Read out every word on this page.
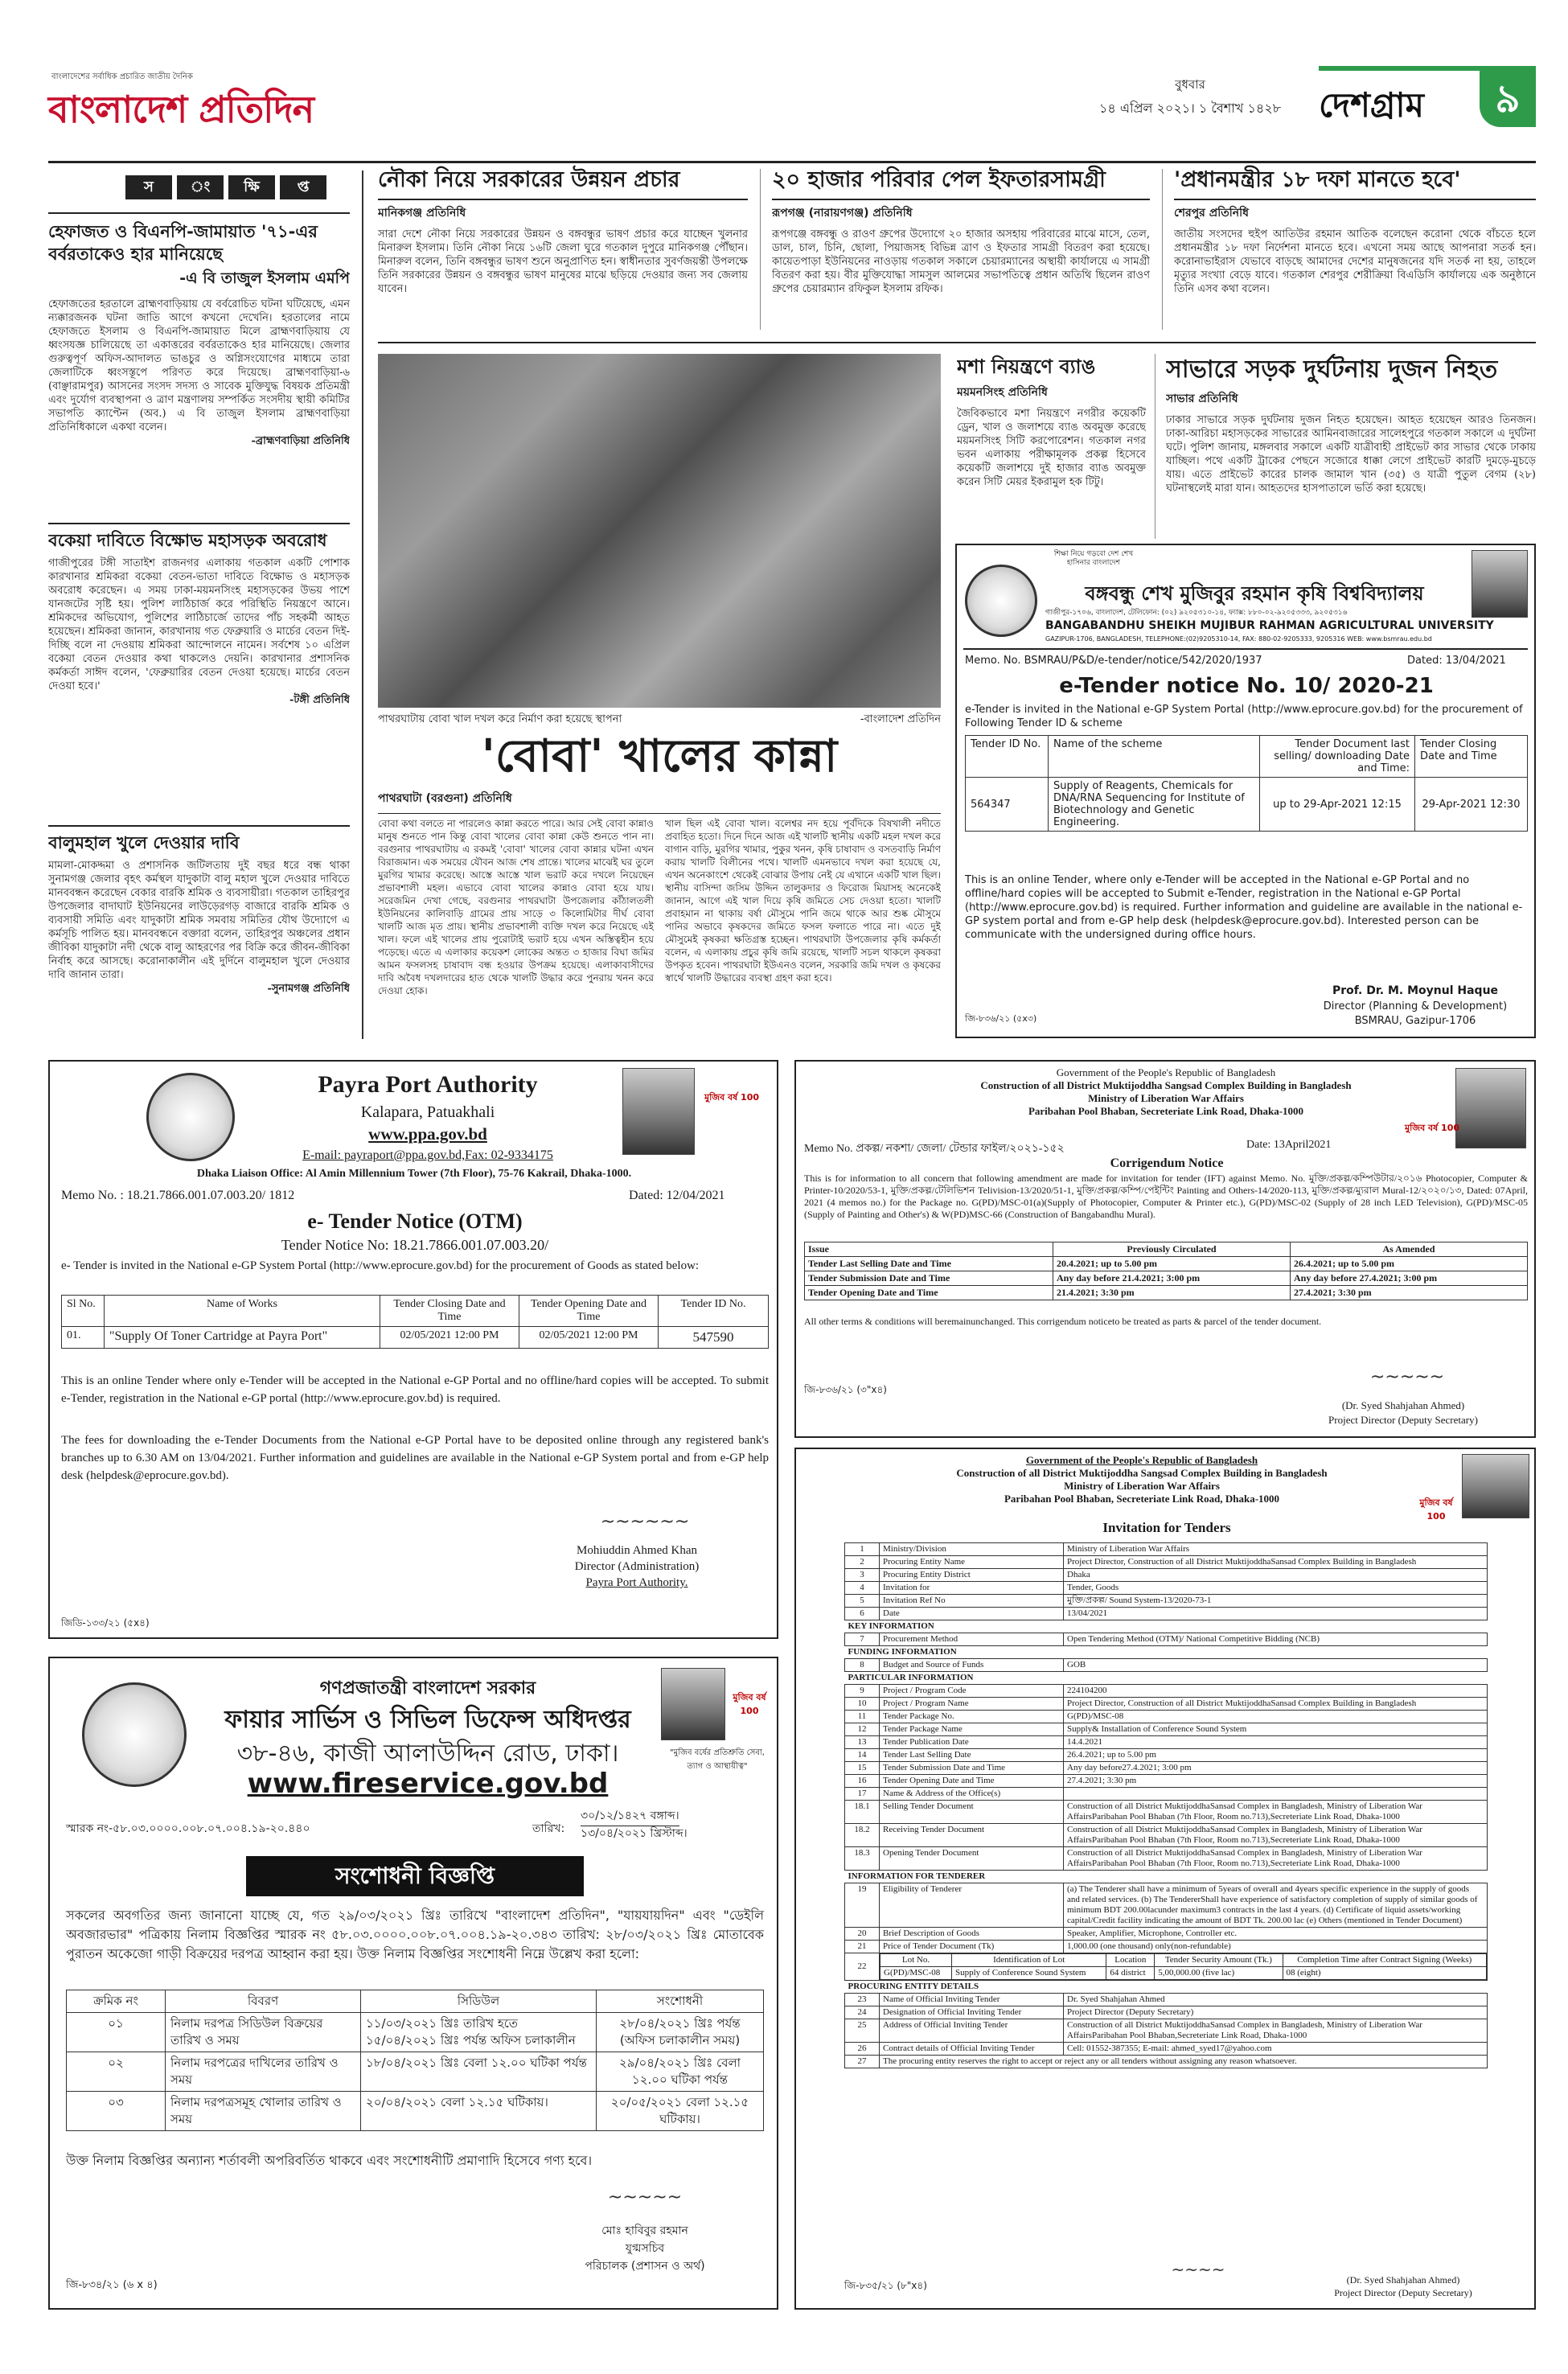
বাংলাদেশের সর্বাধিক প্রচারিত জাতীয় দৈনিক
বাংলাদেশ প্রতিদিন
বুধবার
১৪ এপ্রিল ২০২১। ১ বৈশাখ ১৪২৮	দেশগ্রাম	৯
স	ং	ক্ষি	প্ত
হেফাজত ও বিএনপি-জামায়াত '৭১-এর বর্বরতাকেও হার মানিয়েছে
-এ বি তাজুল ইসলাম এমপি
হেফাজতের হরতালে ব্রাহ্মণবাড়িয়ায় যে বর্বরোচিত ঘটনা ঘটিয়েছে, এমন ন্যক্কারজনক ঘটনা জাতি আগে কখনো দেখেনি। হরতালের নামে হেফাজতে ইসলাম ও বিএনপি-জামায়াত মিলে ব্রাহ্মণবাড়িয়ায় যে ধ্বংসযজ্ঞ চালিয়েছে তা একাত্তরের বর্বরতাকেও হার মানিয়েছে। জেলার গুরুত্বপূর্ণ অফিস-আদালত ভাঙচুর ও অগ্নিসংযোগের মাধ্যমে তারা জেলাটিকে ধ্বংসস্তূপে পরিণত করে দিয়েছে। ব্রাহ্মণবাড়িয়া-৬ (বাঞ্ছারামপুর) আসনের সংসদ সদস্য ও সাবেক মুক্তিযুদ্ধ বিষয়ক প্রতিমন্ত্রী এবং দুর্যোগ ব্যবস্থাপনা ও ত্রাণ মন্ত্রণালয় সম্পর্কিত সংসদীয় স্থায়ী কমিটির সভাপতি ক্যাপ্টেন (অব.) এ বি তাজুল ইসলাম ব্রাহ্মণবাড়িয়া প্রতিনিধিকালে একথা বলেন।
-ব্রাহ্মণবাড়িয়া প্রতিনিধি
বকেয়া দাবিতে বিক্ষোভ মহাসড়ক অবরোধ
গাজীপুরের টঙ্গী সাতাইশ রাজনগর এলাকায় গতকাল একটি পোশাক কারখানার শ্রমিকরা বকেয়া বেতন-ভাতা দাবিতে বিক্ষোভ ও মহাসড়ক অবরোধ করেছেন। এ সময় ঢাকা-ময়মনসিংহ মহাসড়কের উভয় পাশে যানজটের সৃষ্টি হয়। পুলিশ লাঠিচার্জ করে পরিস্থিতি নিয়ন্ত্রণে আনে। শ্রমিকদের অভিযোগ, পুলিশের লাঠিচার্জে তাদের পাঁচ সহকর্মী আহত হয়েছেন। শ্রমিকরা জানান, কারখানায় গত ফেব্রুয়ারি ও মার্চের বেতন দিই-দিচ্ছি বলে না দেওয়ায় শ্রমিকরা আন্দোলনে নামেন। সর্বশেষ ১০ এপ্রিল বকেয়া বেতন দেওয়ার কথা থাকলেও দেয়নি। কারখানার প্রশাসনিক কর্মকর্তা সাঈদ বলেন, 'ফেব্রুয়ারির বেতন দেওয়া হয়েছে। মার্চের বেতন দেওয়া হবে।'
-টঙ্গী প্রতিনিধি
বালুমহাল খুলে দেওয়ার দাবি
মামলা-মোকদ্দমা ও প্রশাসনিক জটিলতায় দুই বছর ধরে বন্ধ থাকা সুনামগঞ্জ জেলার বৃহৎ কর্মস্থল যাদুকাটা বালু মহাল খুলে দেওয়ার দাবিতে মানববন্ধন করেছেন বেকার বারকি শ্রমিক ও ব্যবসায়ীরা। গতকাল তাহিরপুর উপজেলার বাদাঘাট ইউনিয়নের লাউড়েরগড় বাজারে বারকি শ্রমিক ও ব্যবসায়ী সমিতি এবং যাদুকাটা শ্রমিক সমবায় সমিতির যৌথ উদ্যোগে এ কর্মসূচি পালিত হয়। মানববন্ধনে বক্তারা বলেন, তাহিরপুর অঞ্চলের প্রধান জীবিকা যাদুকাটা নদী থেকে বালু আহরণের পর বিক্রি করে জীবন-জীবিকা নির্বাহ করে আসছে। করোনাকালীন এই দুর্দিনে বালুমহাল খুলে দেওয়ার দাবি জানান তারা।
-সুনামগঞ্জ প্রতিনিধি
নৌকা নিয়ে সরকারের উন্নয়ন প্রচার
মানিকগঞ্জ প্রতিনিধি
সারা দেশে নৌকা নিয়ে সরকারের উন্নয়ন ও বঙ্গবন্ধুর ভাষণ প্রচার করে যাচ্ছেন খুলনার মিনারুল ইসলাম। তিনি নৌকা নিয়ে ১৬টি জেলা ঘুরে গতকাল দুপুরে মানিকগঞ্জ পৌঁছান। মিনারুল বলেন, তিনি বঙ্গবন্ধুর ভাষণ শুনে অনুপ্রাণিত হন। স্বাধীনতার সুবর্ণজয়ন্তী উপলক্ষে তিনি সরকারের উন্নয়ন ও বঙ্গবন্ধুর ভাষণ মানুষের মাঝে ছড়িয়ে দেওয়ার জন্য সব জেলায় যাবেন।
২০ হাজার পরিবার পেল ইফতারসামগ্রী
রূপগঞ্জ (নারায়ণগঞ্জ) প্রতিনিধি
রূপগঞ্জে বঙ্গবন্ধু ও রাওণ গ্রুপের উদ্যোগে ২০ হাজার অসহায় পরিবারের মাঝে মাসে, তেল, ডাল, চাল, চিনি, ছোলা, পিয়াজসহ বিভিন্ন ত্রাণ ও ইফতার সামগ্রী বিতরণ করা হয়েছে। কায়েতপাড়া ইউনিয়নের নাওড়ায় গতকাল সকালে চেয়ারম্যানের অস্থায়ী কার্যালয়ে এ সামগ্রী বিতরণ করা হয়। বীর মুক্তিযোদ্ধা সামসুল আলমের সভাপতিত্বে প্রধান অতিথি ছিলেন রাওণ গ্রুপের চেয়ারম্যান রফিকুল ইসলাম রফিক।
'প্রধানমন্ত্রীর ১৮ দফা মানতে হবে'
শেরপুর প্রতিনিধি
জাতীয় সংসদের হুইপ আতিউর রহমান আতিক বলেছেন করোনা থেকে বাঁচতে হলে প্রধানমন্ত্রীর ১৮ দফা নির্দেশনা মানতে হবে। এখনো সময় আছে আপনারা সতর্ক হন। করোনাভাইরাস যেভাবে বাড়ছে আমাদের দেশের মানুষজনের যদি সতর্ক না হয়, তাহলে মৃত্যুর সংখ্যা বেড়ে যাবে। গতকাল শেরপুর শেরীক্রিয়া বিএডিসি কার্যালয়ে এক অনুষ্ঠানে তিনি এসব কথা বলেন।
পাথরঘাটায় বোবা খাল দখল করে নির্মাণ করা হয়েছে স্থাপনা	-বাংলাদেশ প্রতিদিন
মশা নিয়ন্ত্রণে ব্যাঙ
ময়মনসিংহ প্রতিনিধি
জৈবিকভাবে মশা নিয়ন্ত্রণে নগরীর কয়েকটি ড্রেন, খাল ও জলাশয়ে ব্যাঙ অবমুক্ত করেছে ময়মনসিংহ সিটি করপোরেশন। গতকাল নগর ভবন এলাকায় পরীক্ষামূলক প্রকল্প হিসেবে কয়েকটি জলাশয়ে দুই হাজার ব্যাঙ অবমুক্ত করেন সিটি মেয়র ইকরামুল হক টিটু।
সাভারে সড়ক দুর্ঘটনায় দুজন নিহত
সাভার প্রতিনিধি
ঢাকার সাভারে সড়ক দুর্ঘটনায় দুজন নিহত হয়েছেন। আহত হয়েছেন আরও তিনজন। ঢাকা-আরিচা মহাসড়কের সাভারের আমিনবাজারের সালেহপুরে গতকাল সকালে এ দুর্ঘটনা ঘটে। পুলিশ জানায়, মঙ্গলবার সকালে একটি যাত্রীবাহী প্রাইভেট কার সাভার থেকে ঢাকায় যাচ্ছিল। পথে একটি ট্রাকের পেছনে সজোরে ধাক্কা লেগে প্রাইভেট কারটি দুমড়ে-মুচড়ে যায়। এতে প্রাইভেট কারের চালক জামাল খান (৩৫) ও যাত্রী পুতুল বেগম (২৮) ঘটনাস্থলেই মারা যান। আহতদের হাসপাতালে ভর্তি করা হয়েছে।
'বোবা' খালের কান্না
পাথরঘাটা (বরগুনা) প্রতিনিধি
বোবা কথা বলতে না পারলেও কান্না করতে পারে। আর সেই বোবা কান্নাও মানুষ শুনতে পান কিন্তু বোবা খালের বোবা কান্না কেউ শুনতে পান না। বরগুনার পাথরঘাটায় এ রকমই 'বোবা' খালের বোবা কান্নার ঘটনা এখন বিরাজমান। এক সময়ের যৌবন আজ শেষ প্রান্তে। খালের মাঝেই ঘর তুলে মুরগির খামার করেছে। আস্তে আস্তে খাল ভরাট করে দখলে নিয়েছেন প্রভাবশালী মহল। এভাবে বোবা খালের কান্নাও বোবা হয়ে যায়। সরেজমিন দেখা গেছে, বরগুনার পাথরঘাটা উপজেলার কাঁঠালতলী ইউনিয়নের কালিবাড়ি গ্রামের প্রায় সাড়ে ৩ কিলোমিটার দীর্ঘ বোবা খালটি আজ মৃত প্রায়। স্থানীয় প্রভাবশালী ব্যক্তি দখল করে নিয়েছে এই খাল। ফলে এই খালের প্রায় পুরোটাই ভরাট হয়ে এখন অস্তিত্বহীন হয়ে পড়েছে। এতে এ এলাকার কয়েকশ লোকের অন্তত ৩ হাজার বিঘা জমির আমন ফসলসহ চাষাবাদ বন্ধ হওয়ার উপক্রম হয়েছে। এলাকাবাসীদের দাবি অবৈধ দখলদারের হাত থেকে খালটি উদ্ধার করে পুনরায় খনন করে দেওয়া হোক।
খাল ছিল এই বোবা খাল। বলেশ্বর নদ হয়ে পূর্বদিকে বিষখালী নদীতে প্রবাহিত হতো। দিনে দিনে আজ এই খালটি স্থানীয় একটি মহল দখল করে বাগান বাড়ি, মুরগির খামার, পুকুর খনন, কৃষি চাষাবাদ ও বসতবাড়ি নির্মাণ করায় খালটি বিলীনের পথে। খালটি এমনভাবে দখল করা হয়েছে যে, এখন অনেকাংশে থেকেই বোঝার উপায় নেই যে এখানে একটি খাল ছিল। স্থানীয় বাসিন্দা জসিম উদ্দিন তালুকদার ও ফিরোজ মিয়াসহ অনেকেই জানান, আগে এই খাল দিয়ে কৃষি জমিতে সেচ দেওয়া হতো। খালটি প্রবাহমান না থাকায় বর্ষা মৌসুমে পানি জমে থাকে আর শুষ্ক মৌসুমে পানির অভাবে কৃষকদের জমিতে ফসল ফলাতে পারে না। এতে দুই মৌসুমেই কৃষকরা ক্ষতিগ্রস্ত হচ্ছেন। পাথরঘাটা উপজেলার কৃষি কর্মকর্তা বলেন, এ এলাকায় প্রচুর কৃষি জমি রয়েছে, খালটি সচল থাকলে কৃষকরা উপকৃত হবেন। পাথরঘাটা ইউএনও বলেন, সরকারি জমি দখল ও কৃষকের স্বার্থে খালটি উদ্ধারের ব্যবস্থা গ্রহণ করা হবে।
শিক্ষা নিয়ে গড়বো দেশ শেখ হাসিনার বাংলাদেশ
বঙ্গবন্ধু শেখ মুজিবুর রহমান কৃষি বিশ্ববিদ্যালয়
গাজীপুর-১৭০৬, বাংলাদেশ, টেলিফোন: (০২) ৯২০৫৩১০-১৪, ফ্যাক্স: ৮৮০-০২-৯২০৫৩৩৩, ৯২০৫৩১৬
BANGABANDHU SHEIKH MUJIBUR RAHMAN AGRICULTURAL UNIVERSITY
GAZIPUR-1706, BANGLADESH, TELEPHONE:(02)9205310-14, FAX: 880-02-9205333, 9205316 WEB: www.bsmrau.edu.bd
Memo. No. BSMRAU/P&D/e-tender/notice/542/2020/1937	Dated: 13/04/2021
e-Tender notice No. 10/ 2020-21
e-Tender is invited in the National e-GP System Portal (http://www.eprocure.gov.bd) for the procurement of Following Tender ID & scheme
Tender ID No.	Name of the scheme	Tender Document last selling/ downloading Date and Time:	Tender Closing Date and Time
564347	Supply of Reagents, Chemicals for DNA/RNA Sequencing for Institute of Biotechnology and Genetic Engineering.	up to 29-Apr-2021 12:15	29-Apr-2021 12:30
This is an online Tender, where only e-Tender will be accepted in the National e-GP Portal and no offline/hard copies will be accepted to Submit e-Tender, registration in the National e-GP Portal (http://www.eprocure.gov.bd) is required. Further information and guideline are available in the national e-GP system portal and from e-GP help desk (helpdesk@eprocure.gov.bd). Interested person can be communicate with the undersigned during office hours.
জি-৮৩৬/২১ (৫x৩)
Prof. Dr. M. Moynul Haque
Director (Planning & Development)
BSMRAU, Gazipur-1706
মুজিব বর্ষ 100
Payra Port Authority
Kalapara, Patuakhali
www.ppa.gov.bd
E-mail: payraport@ppa.gov.bd,Fax: 02-9334175
Dhaka Liaison Office: Al Amin Millennium Tower (7th Floor), 75-76 Kakrail, Dhaka-1000.
Memo No. : 18.21.7866.001.07.003.20/ 1812	Dated: 12/04/2021
e- Tender Notice (OTM)
Tender Notice No: 18.21.7866.001.07.003.20/
e- Tender is invited in the National e-GP System Portal (http://www.eprocure.gov.bd) for the procurement of Goods as stated below:
Sl No.	Name of Works	Tender Closing Date and Time	Tender Opening Date and Time	Tender ID No.
01.	"Supply Of Toner Cartridge at Payra Port"	02/05/2021 12:00 PM	02/05/2021 12:00 PM	547590
This is an online Tender where only e-Tender will be accepted in the National e-GP Portal and no offline/hard copies will be accepted. To submit e-Tender, registration in the National e-GP portal (http://www.eprocure.gov.bd) is required.
The fees for downloading the e-Tender Documents from the National e-GP Portal have to be deposited online through any registered bank's branches up to 6.30 AM on 13/04/2021. Further information and guidelines are available in the National e-GP System portal and from e-GP help desk (helpdesk@eprocure.gov.bd).
~~~~~~
Mohiuddin Ahmed Khan
Director (Administration)
Payra Port Authority.
জিডি-১৩৩/২১ (৫x৪)
Government of the People's Republic of Bangladesh
Construction of all District Muktijoddha Sangsad Complex Building in Bangladesh
Ministry of Liberation War Affairs
Paribahan Pool Bhaban, Secreteriate Link Road, Dhaka-1000
মুজিব বর্ষ 100
Memo No. প্রকল্প/ নকশা/ জেলা/ টেন্ডার ফাইল/২০২১-১৫২	Date: 13April2021
Corrigendum Notice
This is for information to all concern that following amendment are made for invitation for tender (IFT) against Memo. No. মুক্তি/প্রকল্প/কম্পিউটার/২০১৬ Photocopier, Computer & Printer-10/2020/53-1, মুক্তি/প্রকল্প/টেলিভিশন Telivision-13/2020/51-1, মুক্তি/প্রকল্প/কম্পি/পেইন্টিং Painting and Others-14/2020-113, মুক্তি/প্রকল্প/ম্যুরাল Mural-12/২০২০/১৩, Dated: 07April, 2021 (4 memos no.) for the Package no. G(PD)/MSC-01(a)(Supply of Photocopier, Computer & Printer etc.), G(PD)/MSC-02 (Supply of 28 inch LED Television), G(PD)/MSC-05 (Supply of Painting and Other's) & W(PD)MSC-66 (Construction of Bangabandhu Mural).
Issue	Previously Circulated	As Amended
Tender Last Selling Date and Time	20.4.2021; up to 5.00 pm	26.4.2021; up to 5.00 pm
Tender Submission Date and Time	Any day before 21.4.2021; 3:00 pm	Any day before 27.4.2021; 3:00 pm
Tender Opening Date and Time	21.4.2021; 3:30 pm	27.4.2021; 3:30 pm
All other terms & conditions will beremainunchanged. This corrigendum noticeto be treated as parts & parcel of the tender document.
জি-৮৩৬/২১ (৩"x৪)
~~~~~
(Dr. Syed Shahjahan Ahmed)
Project Director (Deputy Secretary)
মুজিব বর্ষ 100
গণপ্রজাতন্ত্রী বাংলাদেশ সরকার
ফায়ার সার্ভিস ও সিভিল ডিফেন্স অধিদপ্তর
৩৮-৪৬, কাজী আলাউদ্দিন রোড, ঢাকা।
www.fireservice.gov.bd
"মুজিব বর্ষের প্রতিশ্রুতি সেবা, ত্যাগ ও আস্থায়ীত্ব"
স্মারক নং-৫৮.০৩.০০০০.০০৮.০৭.০০৪.১৯-২০.৪৪০	তারিখ:
৩০/১২/১৪২৭ বঙ্গাব্দ।
১৩/০৪/২০২১ খ্রিস্টাব্দ।
সংশোধনী বিজ্ঞপ্তি
সকলের অবগতির জন্য জানানো যাচ্ছে যে, গত ২৯/০৩/২০২১ খ্রিঃ তারিখে "বাংলাদেশ প্রতিদিন", "যায়যায়দিন" এবং "ডেইলি অবজারভার" পত্রিকায় নিলাম বিজ্ঞপ্তির স্মারক নং ৫৮.০৩.০০০০.০০৮.০৭.০০৪.১৯-২০.৩৪৩ তারিখ: ২৮/০৩/২০২১ খ্রিঃ মোতাবেক পুরাতন অকেজো গাড়ী বিক্রয়ের দরপত্র আহ্বান করা হয়। উক্ত নিলাম বিজ্ঞপ্তির সংশোধনী নিম্নে উল্লেখ করা হলো:
ক্রমিক নং	বিবরণ	সিডিউল	সংশোধনী
০১	নিলাম দরপত্র সিডিউল বিক্রয়ের তারিখ ও সময়	১১/০৩/২০২১ খ্রিঃ তারিখ হতে ১৫/০৪/২০২১ খ্রিঃ পর্যন্ত অফিস চলাকালীন	২৮/০৪/২০২১ খ্রিঃ পর্যন্ত (অফিস চলাকালীন সময়)
০২	নিলাম দরপত্রের দাখিলের তারিখ ও সময়	১৮/০৪/২০২১ খ্রিঃ বেলা ১২.০০ ঘটিকা পর্যন্ত	২৯/০৪/২০২১ খ্রিঃ বেলা ১২.০০ ঘটিকা পর্যন্ত
০৩	নিলাম দরপত্রসমূহ খোলার তারিখ ও সময়	২০/০৪/২০২১ বেলা ১২.১৫ ঘটিকায়।	২০/০৫/২০২১ বেলা ১২.১৫ ঘটিকায়।
উক্ত নিলাম বিজ্ঞপ্তির অন্যান্য শর্তাবলী অপরিবর্তিত থাকবে এবং সংশোধনীটি প্রমাণাদি হিসেবে গণ্য হবে।
~~~~~
মোঃ হাবিবুর রহমান
যুগ্মসচিব
পরিচালক (প্রশাসন ও অর্থ)
জি-৮৩৪/২১ (৬ x ৪)
Government of the People's Republic of Bangladesh
Construction of all District Muktijoddha Sangsad Complex Building in Bangladesh
Ministry of Liberation War Affairs
Paribahan Pool Bhaban, Secreteriate Link Road, Dhaka-1000	মুজিব বর্ষ 100
Invitation for Tenders
1	Ministry/Division	Ministry of Liberation War Affairs
2	Procuring Entity Name	Project Director, Construction of all District MuktijoddhaSansad Complex Building in Bangladesh
3	Procuring Entity District	Dhaka
4	Invitation for	Tender, Goods
5	Invitation Ref No	মুক্তি/প্রকল্প/ Sound System-13/2020-73-1
6	Date	13/04/2021
KEY INFORMATION
7	Procurement Method	Open Tendering Method (OTM)/ National Competitive Bidding (NCB)
FUNDING INFORMATION
8	Budget and Source of Funds	GOB
PARTICULAR INFORMATION
9	Project / Program Code	224104200
10	Project / Program Name	Project Director, Construction of all District MuktijoddhaSansad Complex Building in Bangladesh
11	Tender Package No.	G(PD)/MSC-08
12	Tender Package Name	Supply& Installation of Conference Sound System
13	Tender Publication Date	14.4.2021
14	Tender Last Selling Date	26.4.2021; up to 5.00 pm
15	Tender Submission Date and Time	Any day before27.4.2021; 3:00 pm
16	Tender Opening Date and Time	27.4.2021; 3:30 pm
17	Name & Address of the Office(s)	
18.1	Selling Tender Document	Construction of all District MuktijoddhaSansad Complex in Bangladesh, Ministry of Liberation War AffairsParibahan Pool Bhaban (7th Floor, Room no.713),Secreteriate Link Road, Dhaka-1000
18.2	Receiving Tender Document	Construction of all District MuktijoddhaSansad Complex in Bangladesh, Ministry of Liberation War AffairsParibahan Pool Bhaban (7th Floor, Room no.713),Secreteriate Link Road, Dhaka-1000
18.3	Opening Tender Document	Construction of all District MuktijoddhaSansad Complex in Bangladesh, Ministry of Liberation War AffairsParibahan Pool Bhaban (7th Floor, Room no.713),Secreteriate Link Road, Dhaka-1000
INFORMATION FOR TENDERER
19	Eligibility of Tenderer	(a) The Tenderer shall have a minimum of 5years of overall and 4years specific experience in the supply of goods and related services. (b) The TendererShall have experience of satisfactory completion of supply of similar goods of minimum BDT 200.00lacunder maximum3 contracts in the last 4 years. (d) Certificate of liquid assets/working capital/Credit facility indicating the amount of BDT Tk. 200.00 lac (e) Others (mentioned in Tender Document)
20	Brief Description of Goods	Speaker, Amplifier, Microphone, Controller etc.
21	Price of Tender Document (Tk)	1,000.00 (one thousand) only(non-refundable)
22	
Lot No.	Identification of Lot	Location	Tender Security Amount (Tk.)	Completion Time after Contract Signing (Weeks)
G(PD)/MSC-08	Supply of Conference Sound System	64 district	5,00,000.00 (five lac)	08 (eight)

PROCURING ENTITY DETAILS
23	Name of Official Inviting Tender	Dr. Syed Shahjahan Ahmed
24	Designation of Official Inviting Tender	Project Director (Deputy Secretary)
25	Address of Official Inviting Tender	Construction of all District MuktijoddhaSansad Complex in Bangladesh, Ministry of Liberation War AffairsParibahan Pool Bhaban,Secreteriate Link Road, Dhaka-1000
26	Contract details of Official Inviting Tender	Cell: 01552-387355; E-mail: ahmed_syed17@yahoo.com
27	The procuring entity reserves the right to accept or reject any or all tenders without assigning any reason whatsoever.
জি-৮৩৫/২১ (৮"x৪)
~~~~
(Dr. Syed Shahjahan Ahmed)
Project Director (Deputy Secretary)
